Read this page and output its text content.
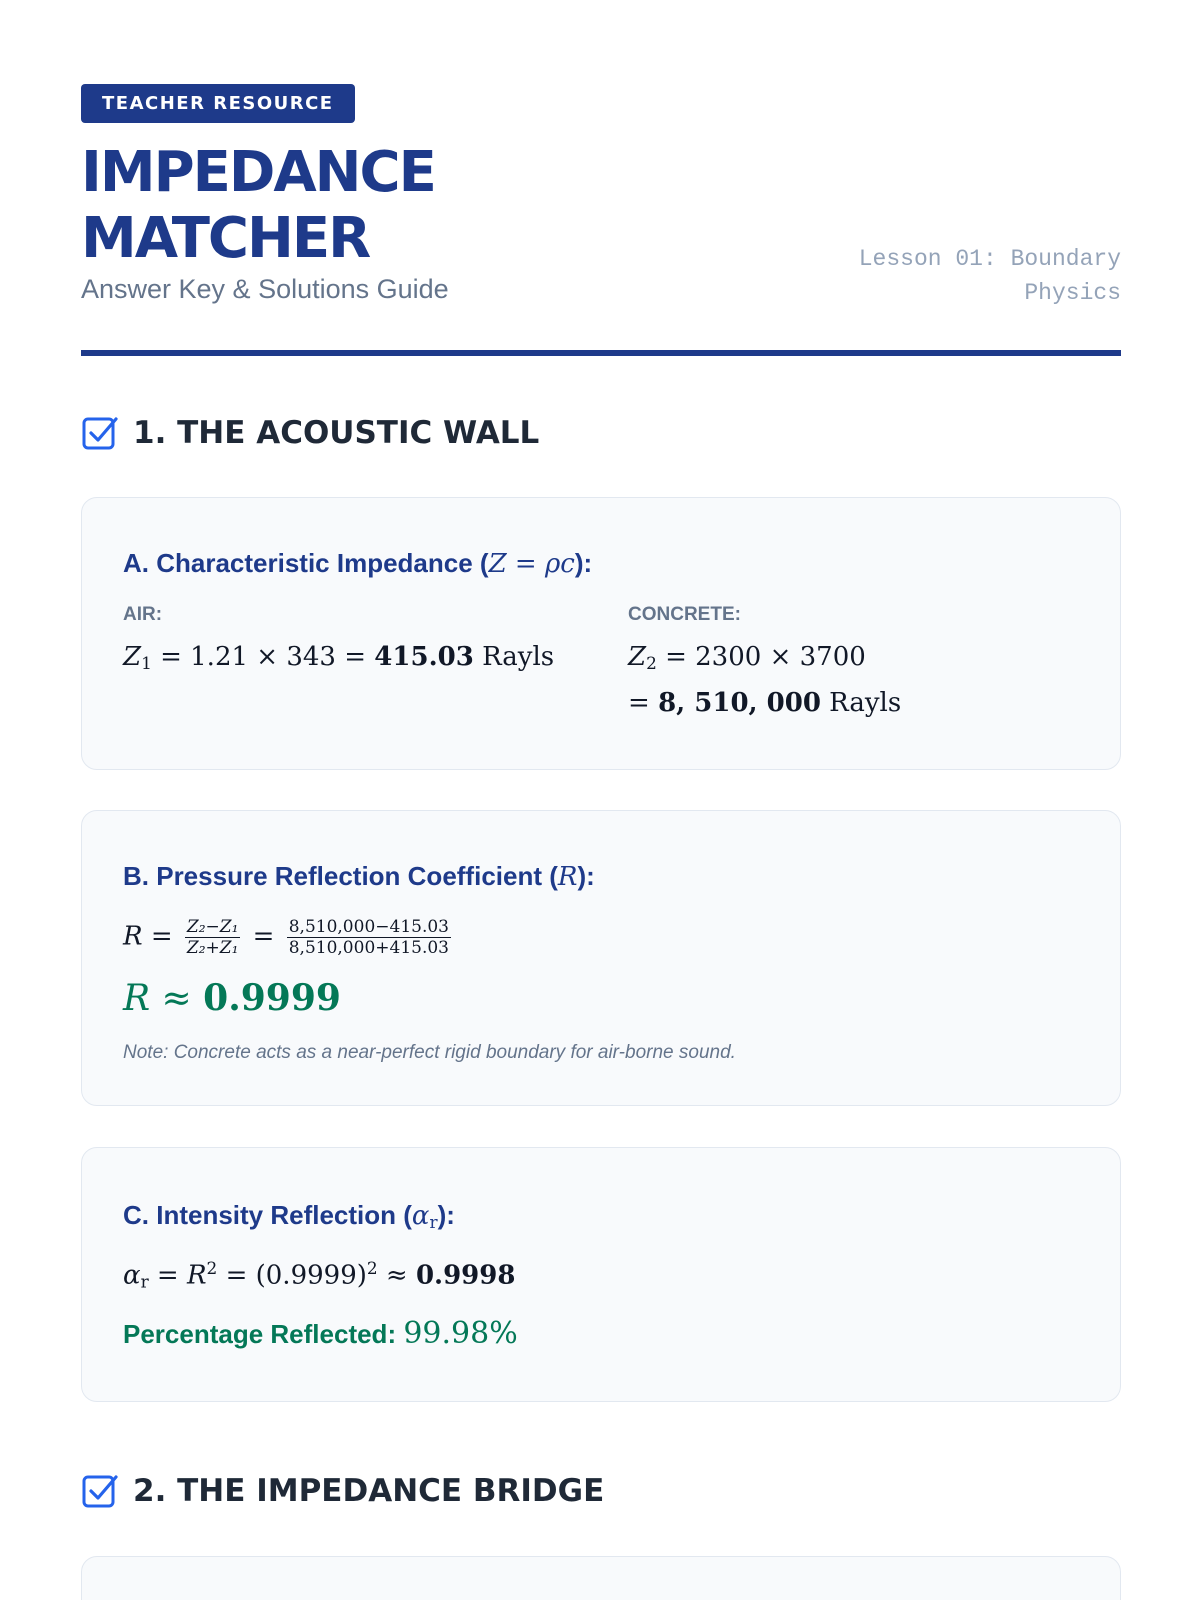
TEACHER RESOURCE
IMPEDANCE
MATCHER
Answer Key & Solutions Guide
Lesson 01: Boundary Physics
1. THE ACOUSTIC WALL
A. Characteristic Impedance (Z = ρc):
AIR:
$Z_1 = 1.21 \times 343 = 415.03$ Rayls
CONCRETE:
$Z_2 = 2300 \times 3700$
= 8, 510, 000 Rayls
B. Pressure Reflection Coefficient (R):
$R = \frac{\text{Z₂−Z₁}}{\text{Z₂+Z₁}} = \frac{8,510,000-415.03}{8,510,000+415.03}$
R ≈ 0.9999
Note: Concrete acts as a near-perfect rigid boundary for air-borne sound.
C. Intensity Reflection $(\alpha_r)$:
$\alpha_r = R^2 = (0.9999)^2 \approx 0.9998$
Percentage Reflected: 99.98%
2. THE IMPEDANCE BRIDGE
